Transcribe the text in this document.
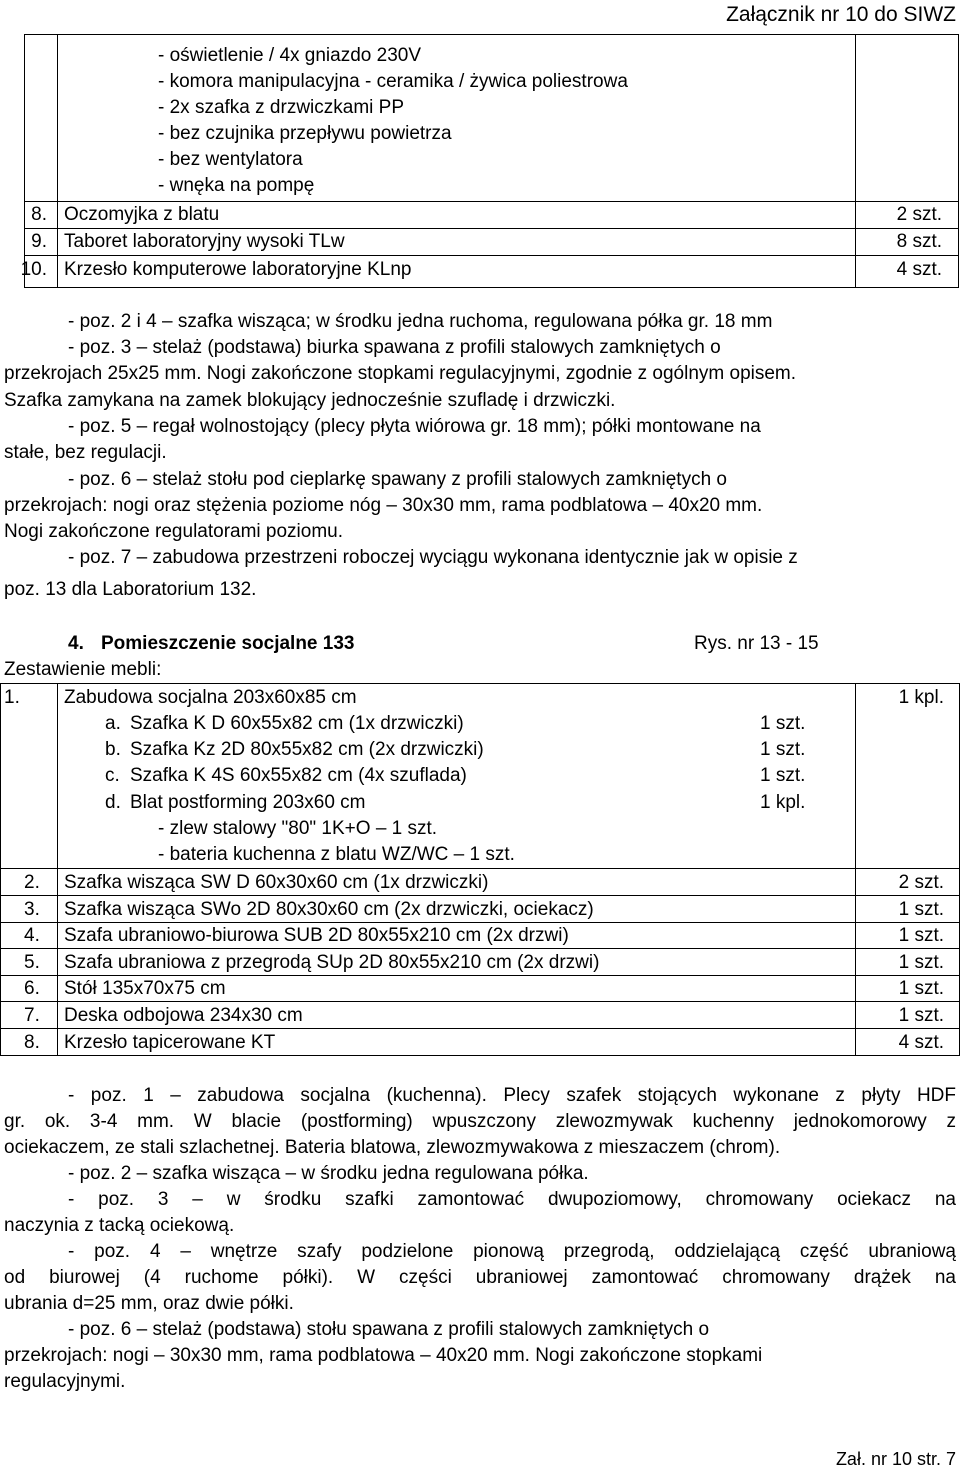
Załącznik nr 10 do SIWZ
- oświetlenie / 4x gniazdo 230V
- komora manipulacyjna - ceramika / żywica poliestrowa
- 2x szafka z drzwiczkami PP
- bez czujnika przepływu powietrza
- bez wentylatora
- wnęka na pompę
8. Oczomyjka z blatu	2 szt.
9. Taboret laboratoryjny wysoki TLw	8 szt.
10. Krzesło komputerowe laboratoryjne KLnp	4 szt.
- poz. 2 i 4 – szafka wisząca; w środku jedna ruchoma, regulowana półka gr. 18 mm
- poz. 3 – stelaż (podstawa) biurka spawana z profili stalowych zamkniętych o
przekrojach 25x25 mm. Nogi zakończone stopkami regulacyjnymi, zgodnie z ogólnym opisem.
Szafka zamykana na zamek blokujący jednocześnie szufladę i drzwiczki.
- poz. 5 – regał wolnostojący (plecy płyta wiórowa gr. 18 mm); półki montowane na
stałe, bez regulacji.
- poz. 6 – stelaż stołu pod cieplarkę spawany z profili stalowych zamkniętych o
przekrojach: nogi oraz stężenia poziome nóg – 30x30 mm, rama podblatowa – 40x20 mm.
Nogi zakończone regulatorami poziomu.
- poz. 7 – zabudowa przestrzeni roboczej wyciągu wykonana identycznie jak w opisie z
poz. 13 dla Laboratorium 132.
4. Pomieszczenie socjalne 133	Rys. nr 13 - 15
Zestawienie mebli:
1. Zabudowa socjalna 203x60x85 cm	1 kpl.
a. Szafka K D 60x55x82 cm (1x drzwiczki)	1 szt.
b. Szafka Kz 2D 80x55x82 cm (2x drzwiczki)	1 szt.
c. Szafka K 4S 60x55x82 cm (4x szuflada)	1 szt.
d. Blat postforming 203x60 cm	1 kpl.
- zlew stalowy "80" 1K+O – 1 szt.
- bateria kuchenna z blatu WZ/WC – 1 szt.
2. Szafka wisząca SW D 60x30x60 cm (1x drzwiczki)	2 szt.
3. Szafka wisząca SWo 2D 80x30x60 cm (2x drzwiczki, ociekacz)	1 szt.
4. Szafa ubraniowo-biurowa SUB 2D 80x55x210 cm (2x drzwi)	1 szt.
5. Szafa ubraniowa z przegrodą SUp 2D 80x55x210 cm (2x drzwi)	1 szt.
6. Stół 135x70x75 cm	1 szt.
7. Deska odbojowa 234x30 cm	1 szt.
8. Krzesło tapicerowane KT	4 szt.
- poz. 1 – zabudowa socjalna (kuchenna). Plecy szafek stojących wykonane z płyty HDF
gr. ok. 3-4 mm. W blacie (postforming) wpuszczony zlewozmywak kuchenny jednokomorowy z
ociekaczem, ze stali szlachetnej. Bateria blatowa, zlewozmywakowa z mieszaczem (chrom).
- poz. 2 – szafka wisząca – w środku jedna regulowana półka.
- poz. 3 – w środku szafki zamontować dwupoziomowy, chromowany ociekacz na
naczynia z tacką ociekową.
- poz. 4 – wnętrze szafy podzielone pionową przegrodą, oddzielającą część ubraniową
od biurowej (4 ruchome półki). W części ubraniowej zamontować chromowany drążek na
ubrania d=25 mm, oraz dwie półki.
- poz. 6 – stelaż (podstawa) stołu spawana z profili stalowych zamkniętych o
przekrojach: nogi – 30x30 mm, rama podblatowa – 40x20 mm. Nogi zakończone stopkami
regulacyjnymi.
Zał. nr 10 str. 7
